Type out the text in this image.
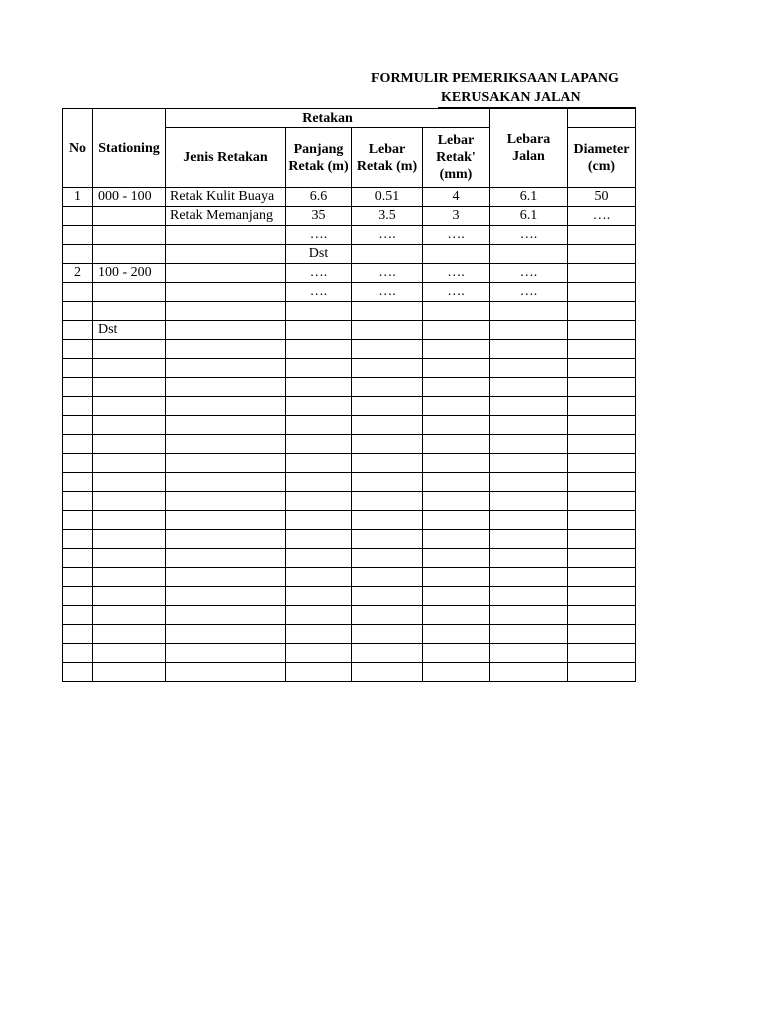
FORMULIR PEMERIKSAAN LAPANG
KERUSAKAN JALAN
No	Stationing	Retakan				Lebara Jalan	
		Jenis Retakan	Panjang Retak (m)	Lebar Retak (m)	Lebar Retak' (mm)		Diameter (cm)
1	000 - 100	Retak Kulit Buaya	6.6	0.51	4	6.1	50
		Retak Memanjang	35	3.5	3	6.1	….
			….	….	….	….	
			Dst				
2	100 - 200		….	….	….	….	
			….	….	….	….	

	Dst						
